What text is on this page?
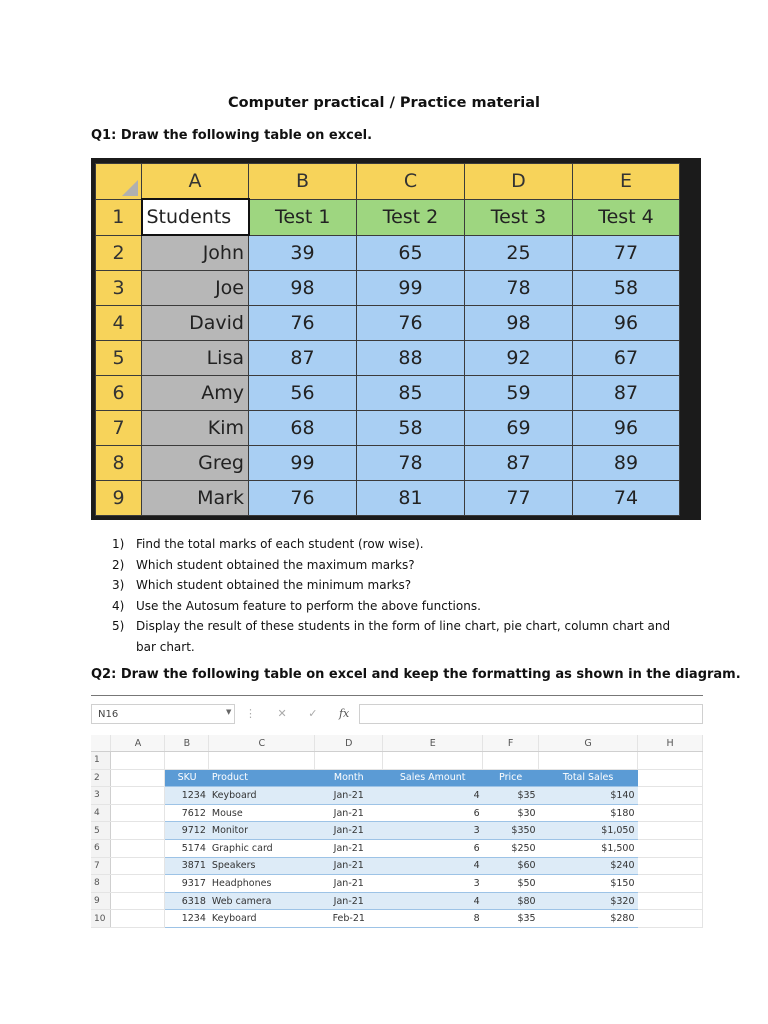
Computer practical / Practice material
Q1: Draw the following table on excel.
	A	B	C	D	E
1	Students	Test 1	Test 2	Test 3	Test 4
2	John	39	65	25	77
3	Joe	98	99	78	58
4	David	76	76	98	96
5	Lisa	87	88	92	67
6	Amy	56	85	59	87
7	Kim	68	58	69	96
8	Greg	99	78	87	89
9	Mark	76	81	77	74
1) Find the total marks of each student (row wise).
2) Which student obtained the maximum marks?
3) Which student obtained the minimum marks?
4) Use the Autosum feature to perform the above functions.
5) Display the result of these students in the form of line chart, pie chart, column chart and bar chart.
Q2: Draw the following table on excel and keep the formatting as shown in the diagram.
N16	▼ ⋮ ✕ ✓ fx
	A	B	C	D	E	F	G	H
1								
2		SKU	Product	Month	Sales Amount	Price	Total Sales	
3		1234	Keyboard	Jan-21	4	$35	$140	
4		7612	Mouse	Jan-21	6	$30	$180	
5		9712	Monitor	Jan-21	3	$350	$1,050	
6		5174	Graphic card	Jan-21	6	$250	$1,500	
7		3871	Speakers	Jan-21	4	$60	$240	
8		9317	Headphones	Jan-21	3	$50	$150	
9		6318	Web camera	Jan-21	4	$80	$320	
10		1234	Keyboard	Feb-21	8	$35	$280	
